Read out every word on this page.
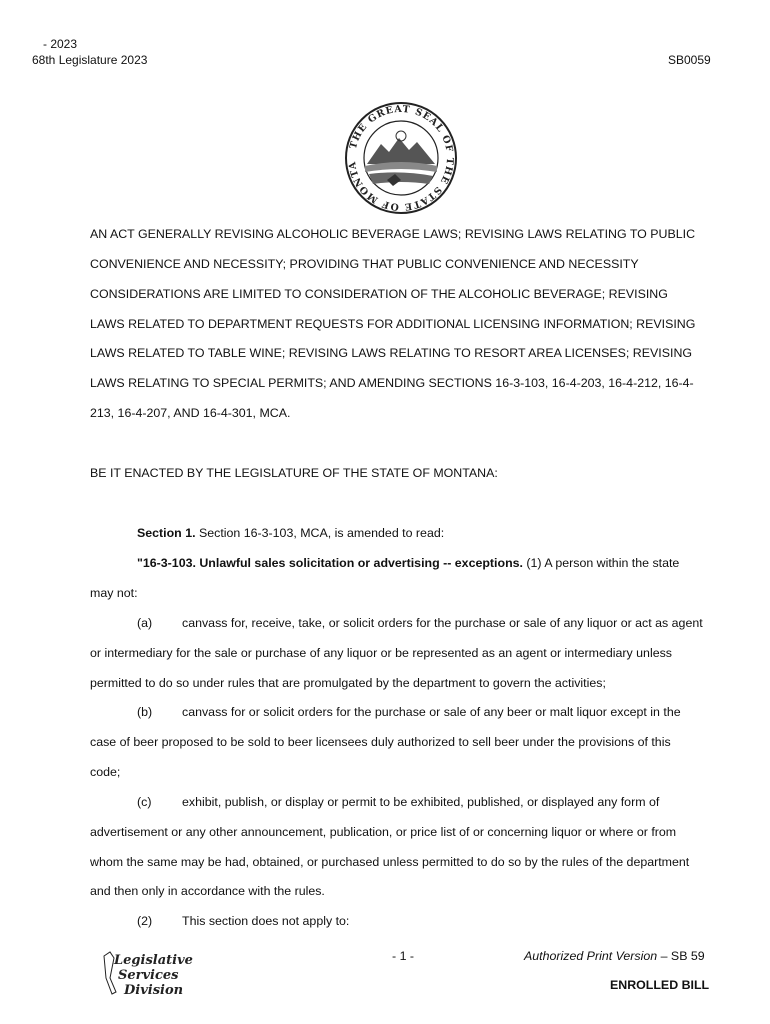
- 2023
68th Legislature 2023	SB0059
THE GREAT SEAL OF THE STATE OF MONTA
AN ACT GENERALLY REVISING ALCOHOLIC BEVERAGE LAWS; REVISING LAWS RELATING TO PUBLIC
CONVENIENCE AND NECESSITY; PROVIDING THAT PUBLIC CONVENIENCE AND NECESSITY
CONSIDERATIONS ARE LIMITED TO CONSIDERATION OF THE ALCOHOLIC BEVERAGE; REVISING
LAWS RELATED TO DEPARTMENT REQUESTS FOR ADDITIONAL LICENSING INFORMATION; REVISING
LAWS RELATED TO TABLE WINE; REVISING LAWS RELATING TO RESORT AREA LICENSES; REVISING
LAWS RELATING TO SPECIAL PERMITS; AND AMENDING SECTIONS 16-3-103, 16-4-203, 16-4-212, 16-4-
213, 16-4-207, AND 16-4-301, MCA.
BE IT ENACTED BY THE LEGISLATURE OF THE STATE OF MONTANA:
Section 1. Section 16-3-103, MCA, is amended to read:
"16-3-103. Unlawful sales solicitation or advertising -- exceptions. (1) A person within the state
may not:
(a) canvass for, receive, take, or solicit orders for the purchase or sale of any liquor or act as agent
or intermediary for the sale or purchase of any liquor or be represented as an agent or intermediary unless
permitted to do so under rules that are promulgated by the department to govern the activities;
(b) canvass for or solicit orders for the purchase or sale of any beer or malt liquor except in the
case of beer proposed to be sold to beer licensees duly authorized to sell beer under the provisions of this
code;
(c) exhibit, publish, or display or permit to be exhibited, published, or displayed any form of
advertisement or any other announcement, publication, or price list of or concerning liquor or where or from
whom the same may be had, obtained, or purchased unless permitted to do so by the rules of the department
and then only in accordance with the rules.
(2) This section does not apply to:
Legislative
Services
Division
- 1 -	Authorized Print Version – SB 59
ENROLLED BILL
